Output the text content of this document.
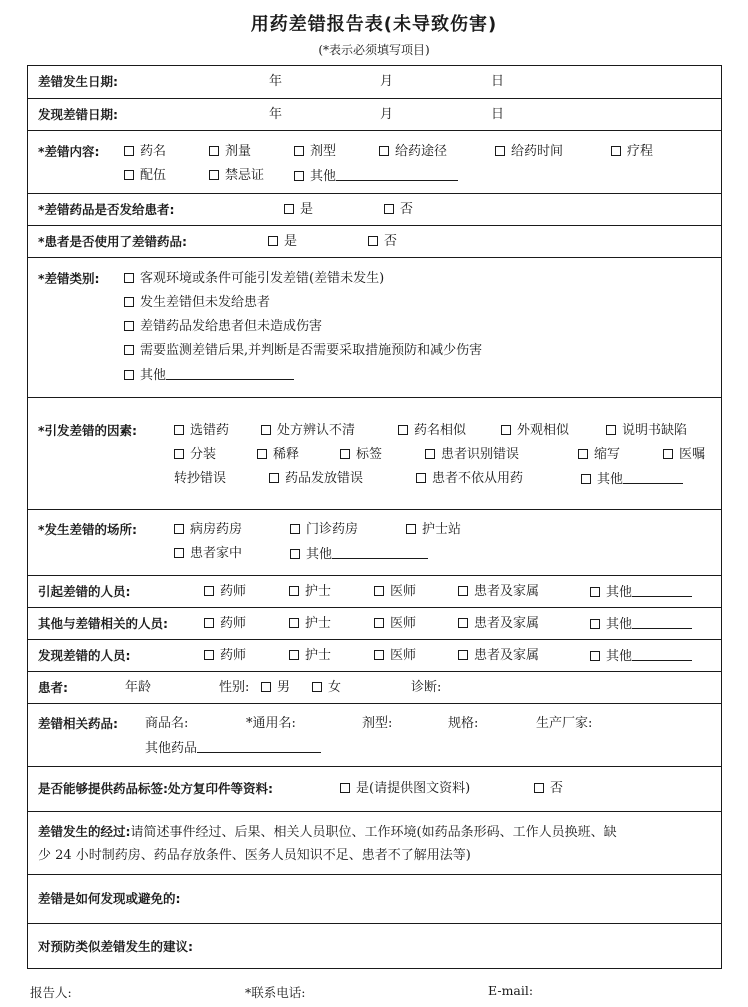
用药差错报告表(未导致伤害)
(*表示必须填写项目)
差错发生日期:	年	月	日
发现差错日期:	年	月	日
*差错内容:	药名	剂量	剂型	给药途径	给药时间	疗程
配伍	禁忌证	其他
*差错药品是否发给患者:	是	否
*患者是否使用了差错药品:	是	否
*差错类别:	客观环境或条件可能引发差错(差错未发生)
发生差错但未发给患者
差错药品发给患者但未造成伤害
需要监测差错后果,并判断是否需要采取措施预防和减少伤害
其他
*引发差错的因素:	选错药	处方辨认不清	药名相似	外观相似	说明书缺陷
分装	稀释	标签	患者识别错误	缩写	医嘱
转抄错误	药品发放错误	患者不依从用药	其他
*发生差错的场所:	病房药房	门诊药房	护士站
患者家中	其他
引起差错的人员:	药师	护士	医师	患者及家属	其他
其他与差错相关的人员:	药师	护士	医师	患者及家属	其他
发现差错的人员:	药师	护士	医师	患者及家属	其他
患者:	年龄	性别:	男	女	诊断:
差错相关药品: 商品名:	*通用名:	剂型:	规格:	生产厂家:
其他药品
是否能够提供药品标签:处方复印件等资料:	是(请提供图文资料)	否
差错发生的经过:请简述事件经过、后果、相关人员职位、工作环境(如药品条形码、工作人员换班、缺
少 24 小时制药房、药品存放条件、医务人员知识不足、患者不了解用法等)
差错是如何发现或避免的:
对预防类似差错发生的建议:
报告人:	*联系电话:	E-mail:
